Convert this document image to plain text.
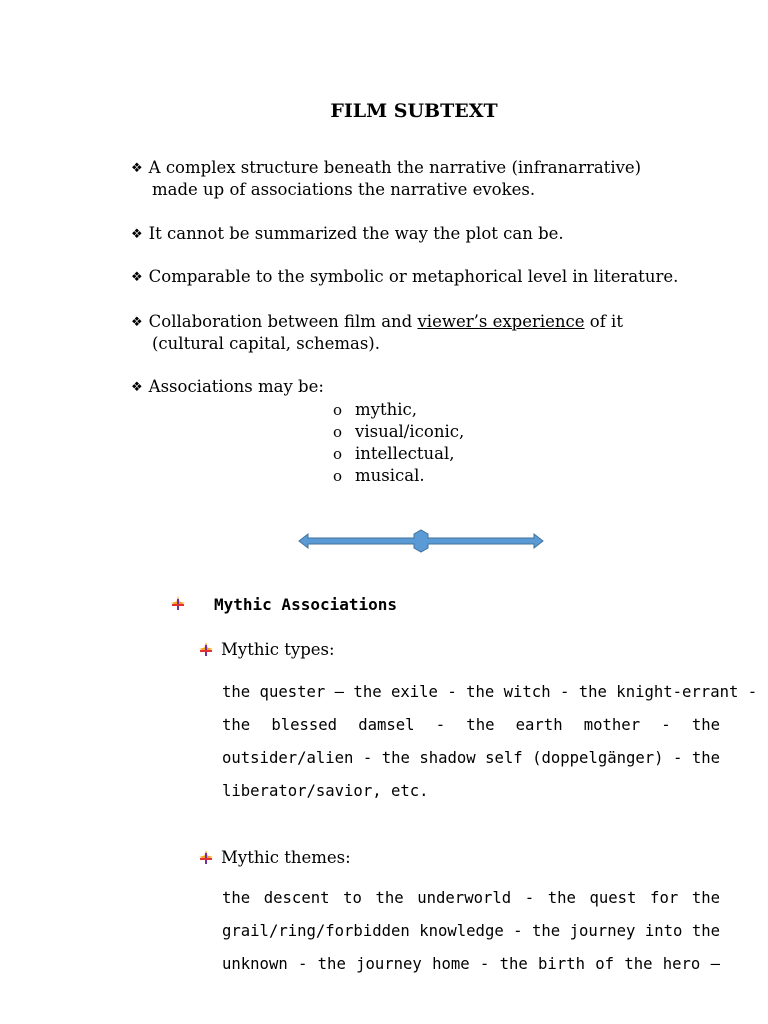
FILM SUBTEXT
❖ A complex structure beneath the narrative (infranarrative)
made up of associations the narrative evokes.
❖ It cannot be summarized the way the plot can be.
❖ Comparable to the symbolic or metaphorical level in literature.
❖ Collaboration between film and viewer’s experience of it
(cultural capital, schemas).
❖ Associations may be:
o mythic,
o visual/iconic,
o intellectual,
o musical.
Mythic Associations
Mythic types:
the quester – the exile - the witch - the knight-errant -
the blessed damsel - the earth mother - the
outsider/alien - the shadow self (doppelgänger) - the
liberator/savior, etc.
Mythic themes:
the descent to the underworld - the quest for the
grail/ring/forbidden knowledge - the journey into the
unknown - the journey home - the birth of the hero –
